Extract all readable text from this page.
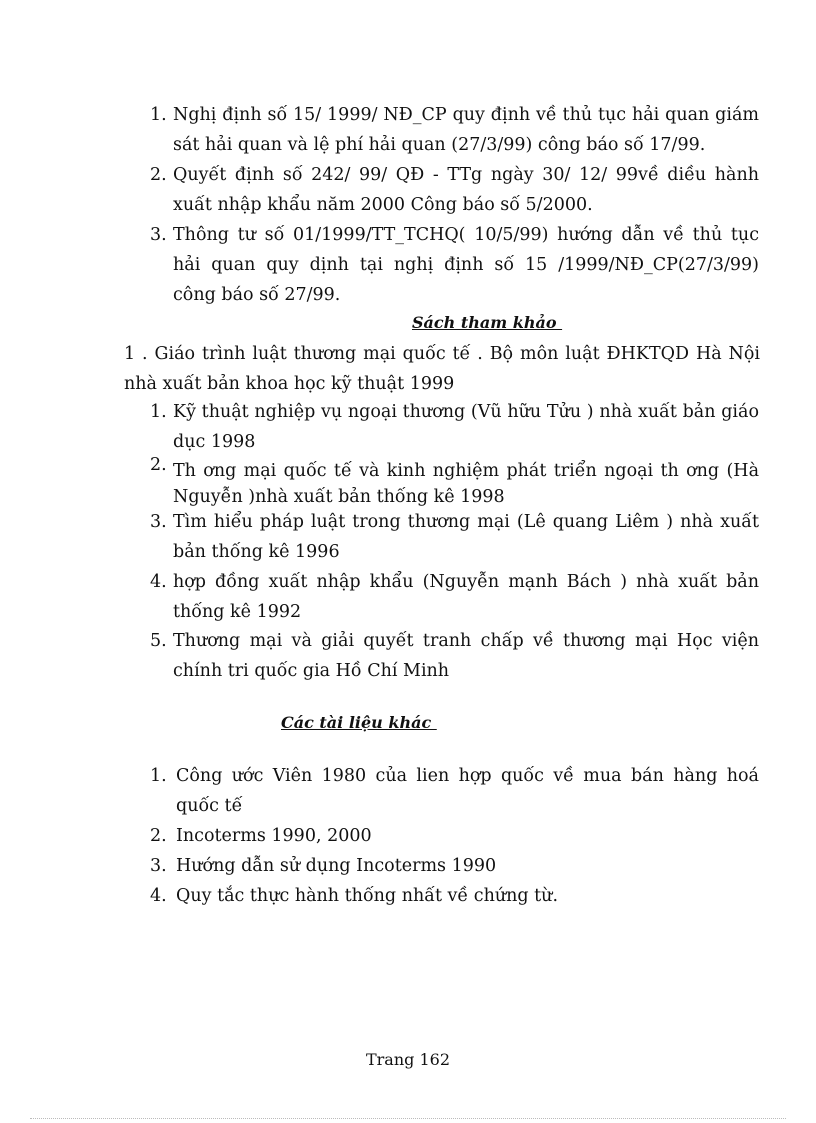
1. Nghị định số 15/ 1999/ NĐ_CP quy định về thủ tục hải quan giám sát hải quan và lệ phí hải quan (27/3/99) công báo số 17/99.
2. Quyết định số 242/ 99/ QĐ - TTg ngày 30/ 12/ 99về diều hành xuất nhập khẩu năm 2000 Công báo số 5/2000.
3. Thông tư số 01/1999/TT_TCHQ( 10/5/99) hướng dẫn về thủ tục hải quan quy dịnh tại nghị định số 15 /1999/NĐ_CP(27/3/99) công báo số 27/99.
Sách tham khảo

1 . Giáo trình luật thương mại quốc tế . Bộ môn luật ĐHKTQD Hà Nội nhà xuất bản khoa học kỹ thuật 1999

1. Kỹ thuật nghiệp vụ ngoại thương (Vũ hữu Tửu ) nhà xuất bản giáo dục 1998
2. Th ơng mại quốc tế và kinh nghiệm phát triển ngoại th ơng (Hà Nguyễn )nhà xuất bản thống kê 1998
3. Tìm hiểu pháp luật trong thương mại (Lê quang Liêm ) nhà xuất bản thống kê 1996
4. hợp đồng xuất nhập khẩu (Nguyễn mạnh Bách ) nhà xuất bản thống kê 1992
5. Thương mại và giải quyết tranh chấp về thương mại Học viện chính tri quốc gia Hồ Chí Minh
Các tài liệu khác
1. Công ước Viên 1980 của lien hợp quốc về mua bán hàng hoá quốc tế
2. Incoterms 1990, 2000
3. Hướng dẫn sử dụng Incoterms 1990
4. Quy tắc thực hành thống nhất về chứng từ.
Trang 162
